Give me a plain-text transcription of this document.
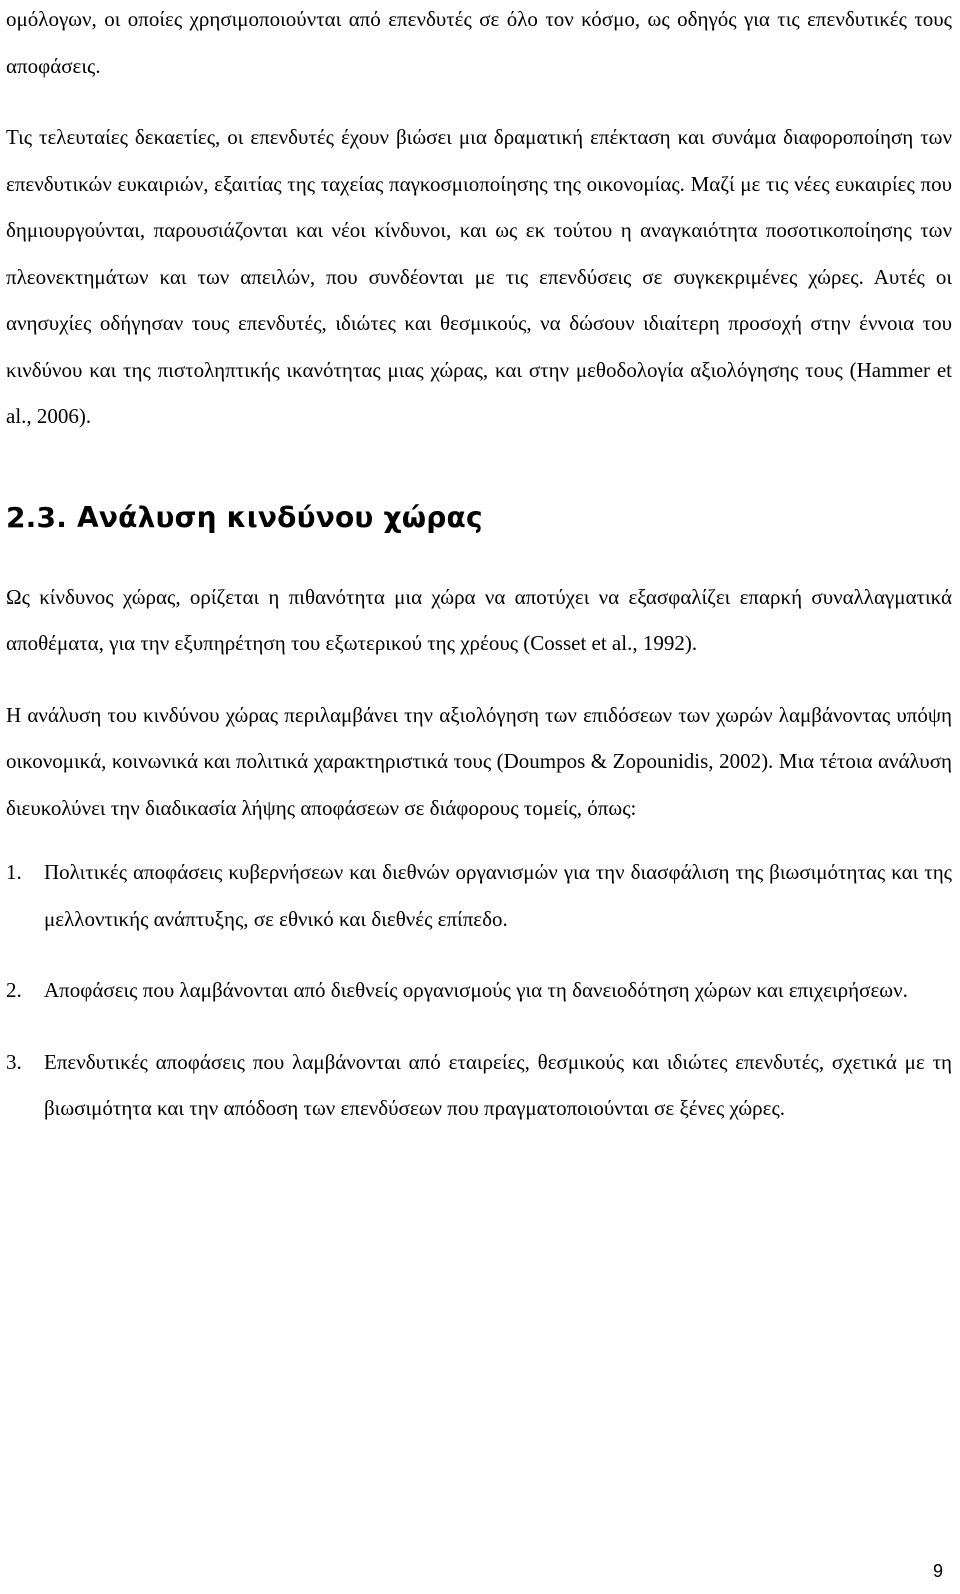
ομόλογων, οι οποίες χρησιμοποιούνται από επενδυτές σε όλο τον κόσμο, ως οδηγός για τις επενδυτικές τους αποφάσεις.

Τις τελευταίες δεκαετίες, οι επενδυτές έχουν βιώσει μια δραματική επέκταση και συνάμα διαφοροποίηση των επενδυτικών ευκαιριών, εξαιτίας της ταχείας παγκοσμιοποίησης της οικονομίας. Μαζί με τις νέες ευκαιρίες που δημιουργούνται, παρουσιάζονται και νέοι κίνδυνοι, και ως εκ τούτου η αναγκαιότητα ποσοτικοποίησης των πλεονεκτημάτων και των απειλών, που συνδέονται με τις επενδύσεις σε συγκεκριμένες χώρες. Αυτές οι ανησυχίες οδήγησαν τους επενδυτές, ιδιώτες και θεσμικούς, να δώσουν ιδιαίτερη προσοχή στην έννοια του κινδύνου και της πιστοληπτικής ικανότητας μιας χώρας, και στην μεθοδολογία αξιολόγησης τους (Hammer et al., 2006).

2.3. Ανάλυση κινδύνου χώρας

Ως κίνδυνος χώρας, ορίζεται η πιθανότητα μια χώρα να αποτύχει να εξασφαλίζει επαρκή συναλλαγματικά αποθέματα, για την εξυπηρέτηση του εξωτερικού της χρέους (Cosset et al., 1992).

Η ανάλυση του κινδύνου χώρας περιλαμβάνει την αξιολόγηση των επιδόσεων των χωρών λαμβάνοντας υπόψη οικονομικά, κοινωνικά και πολιτικά χαρακτηριστικά τους (Doumpos & Zopounidis, 2002). Μια τέτοια ανάλυση διευκολύνει την διαδικασία λήψης αποφάσεων σε διάφορους τομείς, όπως:

1.	Πολιτικές αποφάσεις κυβερνήσεων και διεθνών οργανισμών για την διασφάλιση της βιωσιμότητας και της μελλοντικής ανάπτυξης, σε εθνικό και διεθνές επίπεδο.
2.	Αποφάσεις που λαμβάνονται από διεθνείς οργανισμούς για τη δανειοδότηση χώρων και επιχειρήσεων.
3.	Επενδυτικές αποφάσεις που λαμβάνονται από εταιρείες, θεσμικούς και ιδιώτες επενδυτές, σχετικά με τη βιωσιμότητα και την απόδοση των επενδύσεων που πραγματοποιούνται σε ξένες χώρες.
9
